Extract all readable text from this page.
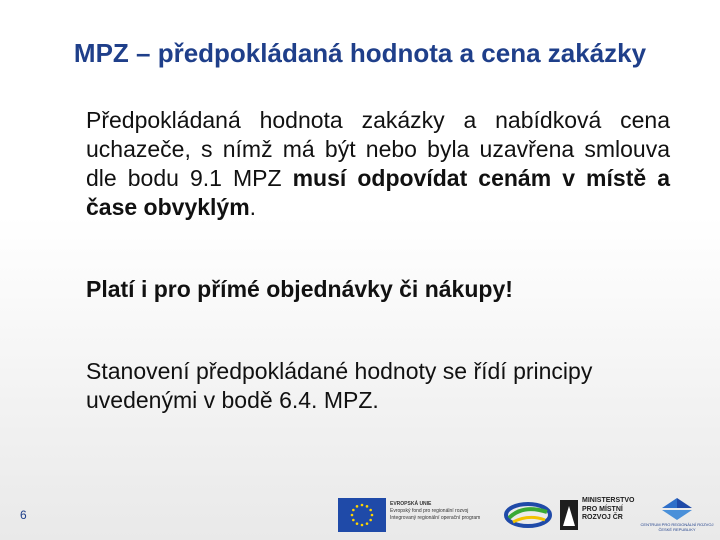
MPZ – předpokládaná hodnota a cena zakázky

Předpokládaná hodnota zakázky a nabídková cena uchazeče, s nímž má být nebo byla uzavřena smlouva dle bodu 9.1 MPZ musí odpovídat cenám v místě a čase obvyklým.

Platí i pro přímé objednávky či nákupy!

Stanovení předpokládané hodnoty se řídí principy uvedenými v bodě 6.4. MPZ.

6
EVROPSKÁ UNIE
Evropský fond pro regionální rozvoj
Integrovaný regionální operační program
MINISTERSTVO
PRO MÍSTNÍ
ROZVOJ ČR
CENTRUM PRO REGIONÁLNÍ ROZVOJ
ČESKÉ REPUBLIKY
